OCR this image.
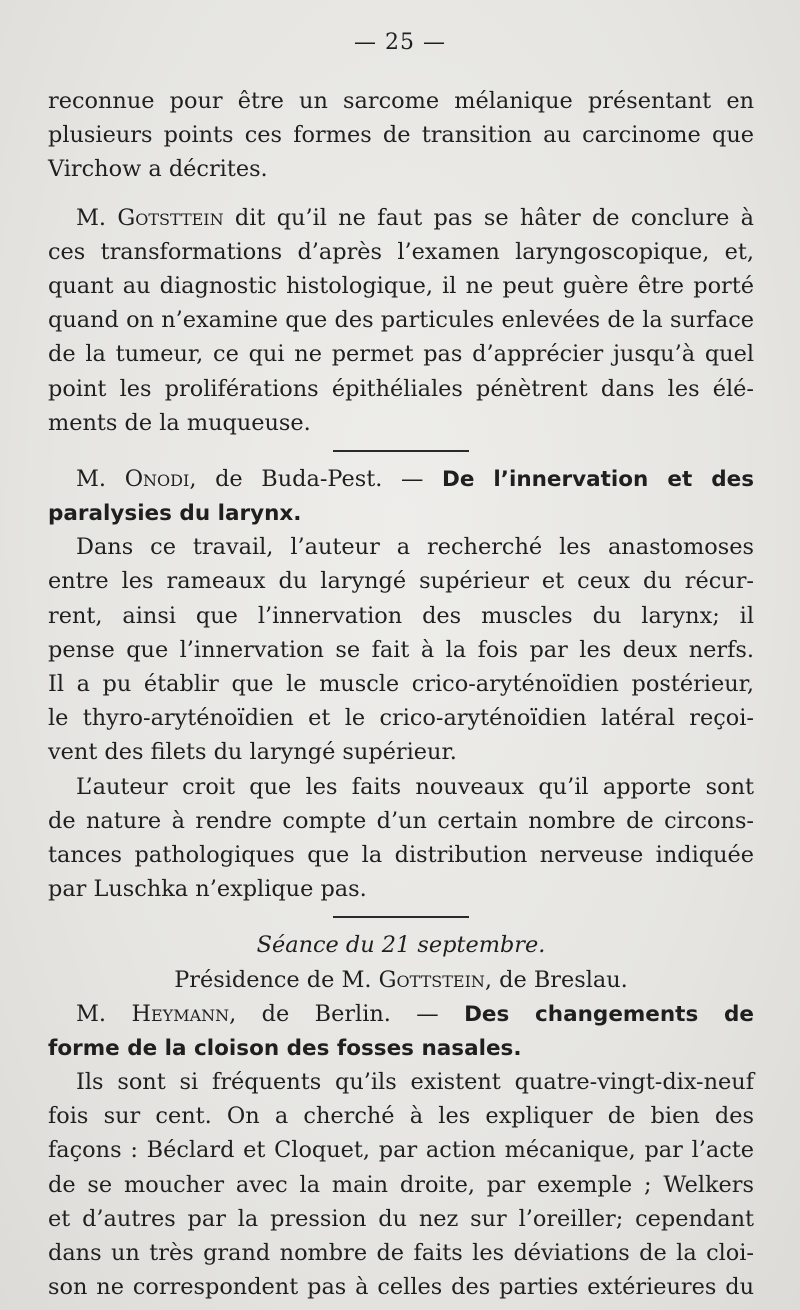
— 25 —
reconnue pour être un sarcome mélanique présentant en
plusieurs points ces formes de transition au carcinome que
Virchow a décrites.
M. Gotsttein dit qu’il ne faut pas se hâter de conclure à
ces transformations d’après l’examen laryngoscopique, et,
quant au diagnostic histologique, il ne peut guère être porté
quand on n’examine que des particules enlevées de la surface
de la tumeur, ce qui ne permet pas d’apprécier jusqu’à quel
point les proliférations épithéliales pénètrent dans les élé-
ments de la muqueuse.
M. Onodi, de Buda-Pest. — De l’innervation et des
paralysies du larynx.
Dans ce travail, l’auteur a recherché les anastomoses
entre les rameaux du laryngé supérieur et ceux du récur-
rent, ainsi que l’innervation des muscles du larynx; il
pense que l’innervation se fait à la fois par les deux nerfs.
Il a pu établir que le muscle crico-aryténoïdien postérieur,
le thyro-aryténoïdien et le crico-aryténoïdien latéral reçoi-
vent des filets du laryngé supérieur.
L’auteur croit que les faits nouveaux qu’il apporte sont
de nature à rendre compte d’un certain nombre de circons-
tances pathologiques que la distribution nerveuse indiquée
par Luschka n’explique pas.
Séance du 21 septembre.
Présidence de M. Gottstein, de Breslau.
M. Heymann, de Berlin. — Des changements de
forme de la cloison des fosses nasales.
Ils sont si fréquents qu’ils existent quatre-vingt-dix-neuf
fois sur cent. On a cherché à les expliquer de bien des
façons : Béclard et Cloquet, par action mécanique, par l’acte
de se moucher avec la main droite, par exemple ; Welkers
et d’autres par la pression du nez sur l’oreiller; cependant
dans un très grand nombre de faits les déviations de la cloi-
son ne correspondent pas à celles des parties extérieures du
